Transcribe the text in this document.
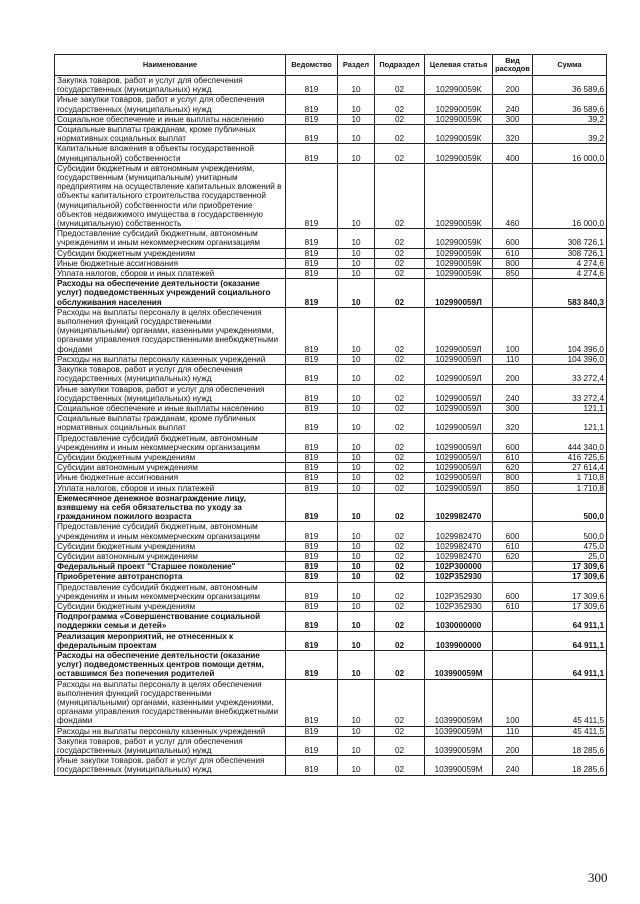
Наименование	Ведомство	Раздел	Подраздел	Целевая статья	Вид расходов	Сумма
Закупка товаров, работ и услуг для обеспечения государственных (муниципальных) нужд	819	10	02	102990059К	200	36 589,6
Иные закупки товаров, работ и услуг для обеспечения государственных (муниципальных) нужд	819	10	02	102990059К	240	36 589,6
Социальное обеспечение и иные выплаты населению	819	10	02	102990059К	300	39,2
Социальные выплаты гражданам, кроме публичных нормативных социальных выплат	819	10	02	102990059К	320	39,2
Капитальные вложения в объекты государственной (муниципальной) собственности	819	10	02	102990059К	400	16 000,0
Субсидии бюджетным и автономным учреждениям, государственным (муниципальным) унитарным предприятиям на осуществление капитальных вложений в объекты капитального строительства государственной (муниципальной) собственности или приобретение объектов недвижимого имущества в государственную (муниципальную) собственность	819	10	02	102990059К	460	16 000,0
Предоставление субсидий бюджетным, автономным учреждениям и иным некоммерческим организациям	819	10	02	102990059К	600	308 726,1
Субсидии бюджетным учреждениям	819	10	02	102990059К	610	308 726,1
Иные бюджетные ассигнования	819	10	02	102990059К	800	4 274,6
Уплата налогов, сборов и иных платежей	819	10	02	102990059К	850	4 274,6
Расходы на обеспечение деятельности (оказание услуг) подведомственных учреждений социального обслуживания населения	819	10	02	102990059Л		583 840,3
Расходы на выплаты персоналу в целях обеспечения выполнения функций государственными (муниципальными) органами, казенными учреждениями, органами управления государственными внебюджетными фондами	819	10	02	102990059Л	100	104 396,0
Расходы на выплаты персоналу казенных учреждений	819	10	02	102990059Л	110	104 396,0
Закупка товаров, работ и услуг для обеспечения государственных (муниципальных) нужд	819	10	02	102990059Л	200	33 272,4
Иные закупки товаров, работ и услуг для обеспечения государственных (муниципальных) нужд	819	10	02	102990059Л	240	33 272,4
Социальное обеспечение и иные выплаты населению	819	10	02	102990059Л	300	121,1
Социальные выплаты гражданам, кроме публичных нормативных социальных выплат	819	10	02	102990059Л	320	121,1
Предоставление субсидий бюджетным, автономным учреждениям и иным некоммерческим организациям	819	10	02	102990059Л	600	444 340,0
Субсидии бюджетным учреждениям	819	10	02	102990059Л	610	416 725,6
Субсидии автономным учреждениям	819	10	02	102990059Л	620	27 614,4
Иные бюджетные ассигнования	819	10	02	102990059Л	800	1 710,8
Уплата налогов, сборов и иных платежей	819	10	02	102990059Л	850	1 710,8
Ежемесячное денежное вознаграждение лицу, взявшему на себя обязательства по уходу за гражданином пожилого возраста	819	10	02	1029982470		500,0
Предоставление субсидий бюджетным, автономным учреждениям и иным некоммерческим организациям	819	10	02	1029982470	600	500,0
Субсидии бюджетным учреждениям	819	10	02	1029982470	610	475,0
Субсидии автономным учреждениям	819	10	02	1029982470	620	25,0
Федеральный проект "Старшее поколение"	819	10	02	102Р300000		17 309,6
Приобретение автотранспорта	819	10	02	102Р352930		17 309,6
Предоставление субсидий бюджетным, автономным учреждениям и иным некоммерческим организациям	819	10	02	102Р352930	600	17 309,6
Субсидии бюджетным учреждениям	819	10	02	102Р352930	610	17 309,6
Подпрограмма «Совершенствование социальной поддержки семьи и детей»	819	10	02	1030000000		64 911,1
Реализация мероприятий, не отнесенных к федеральным проектам	819	10	02	1039900000		64 911,1
Расходы на обеспечение деятельности (оказание услуг) подведомственных центров помощи детям, оставшимся без попечения родителей	819	10	02	103990059М		64 911,1
Расходы на выплаты персоналу в целях обеспечения выполнения функций государственными (муниципальными) органами, казенными учреждениями, органами управления государственными внебюджетными фондами	819	10	02	103990059М	100	45 411,5
Расходы на выплаты персоналу казенных учреждений	819	10	02	103990059М	110	45 411,5
Закупка товаров, работ и услуг для обеспечения государственных (муниципальных) нужд	819	10	02	103990059М	200	18 285,6
Иные закупки товаров, работ и услуг для обеспечения государственных (муниципальных) нужд	819	10	02	103990059М	240	18 285,6
300
